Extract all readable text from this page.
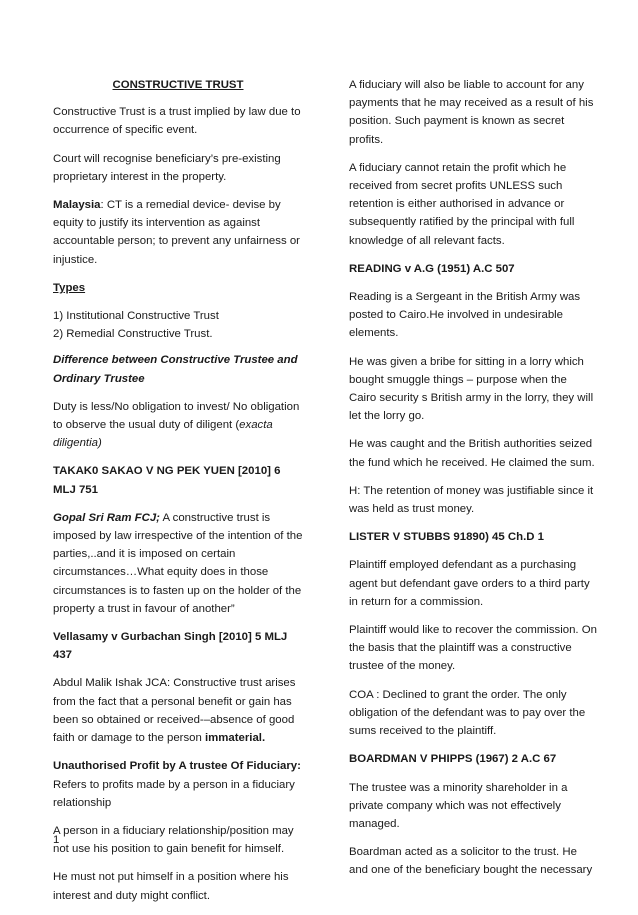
CONSTRUCTIVE TRUST

Constructive Trust is a trust implied by law due to occurrence of specific event.

Court will recognise beneficiary’s pre-existing proprietary interest in the property.

Malaysia: CT is a remedial device- devise by equity to justify its intervention as against accountable person; to prevent any unfairness or injustice.

Types

1) Institutional Constructive Trust
2) Remedial Constructive Trust.

Difference between Constructive Trustee and Ordinary Trustee

Duty is less/No obligation to invest/ No obligation to observe the usual duty of diligent (exacta diligentia)

TAKAK0 SAKAO V NG PEK YUEN [2010] 6 MLJ 751

Gopal Sri Ram FCJ; A constructive trust is imposed by law irrespective of the intention of the parties,..and it is imposed on certain circumstances…What equity does in those circumstances is to fasten up on the holder of the property a trust in favour of another”

Vellasamy v Gurbachan Singh [2010] 5 MLJ 437

Abdul Malik Ishak JCA: Constructive trust arises from the fact that a personal benefit or gain has been so obtained or received-–absence of good faith or damage to the person immaterial.

Unauthorised Profit by A trustee Of Fiduciary:
Refers to profits made by a person in a fiduciary relationship

A person in a fiduciary relationship/position may not use his position to gain benefit for himself.

He must not put himself in a position where his interest and duty might conflict.

A fiduciary will also be liable to account for any payments that he may received as a result of his position. Such payment is known as secret profits.

A fiduciary cannot retain the profit which he received from secret profits UNLESS such retention is either authorised in advance or subsequently ratified by the principal with full knowledge of all relevant facts.

READING v A.G (1951) A.C 507

Reading is a Sergeant in the British Army was posted to Cairo.He involved in undesirable elements.

He was given a bribe for sitting in a lorry which bought smuggle things – purpose when the Cairo security s British army in the lorry, they will let the lorry go.

He was caught and the British authorities seized the fund which he received. He claimed the sum.

H: The retention of money was justifiable since it was held as trust money.

LISTER V STUBBS 91890) 45 Ch.D 1

Plaintiff employed defendant as a purchasing agent but defendant gave orders to a third party in return for a commission.

Plaintiff would like to recover the commission. On the basis that the plaintiff was a constructive trustee of the money.

COA : Declined to grant the order. The only obligation of the defendant was to pay over the sums received to the plaintiff.

BOARDMAN V PHIPPS (1967) 2 A.C 67

The trustee was a minority shareholder in a private company which was not effectively managed.

Boardman acted as a solicitor to the trust. He and one of the beneficiary bought the necessary

1
